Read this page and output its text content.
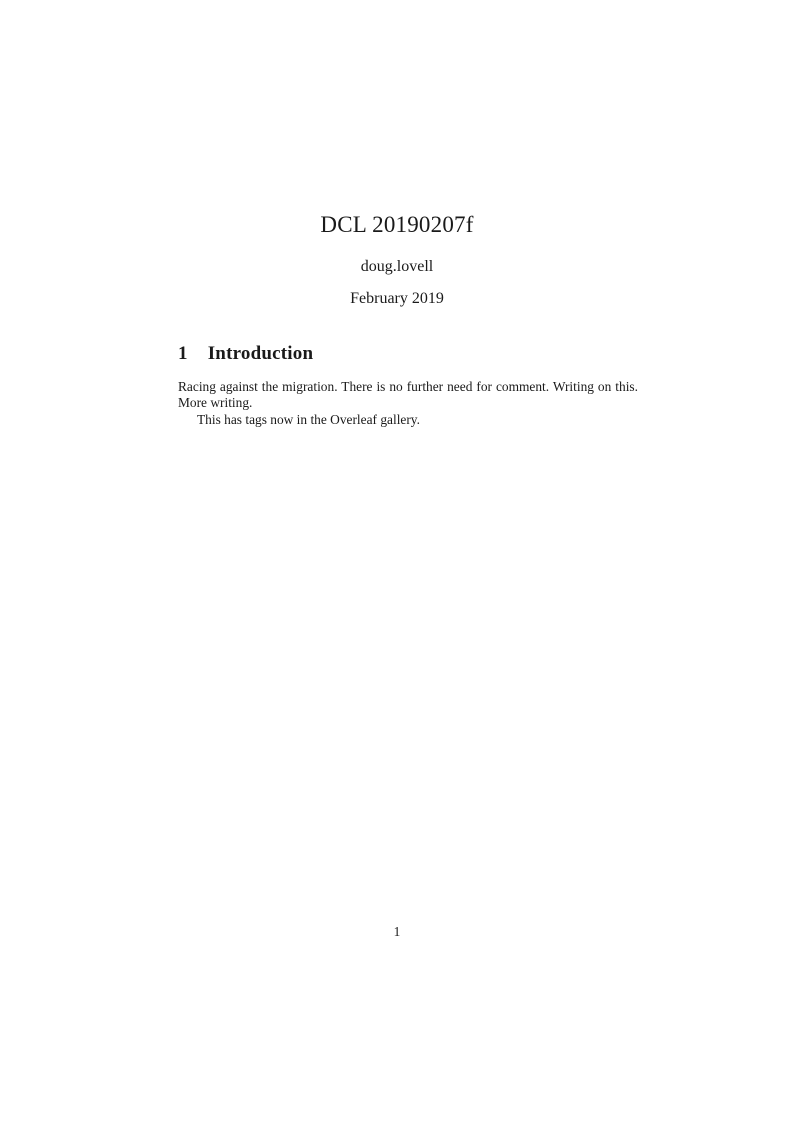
DCL 20190207f
doug.lovell
February 2019
1 Introduction
Racing against the migration. There is no further need for comment. Writing on this. More writing.
This has tags now in the Overleaf gallery.
1
